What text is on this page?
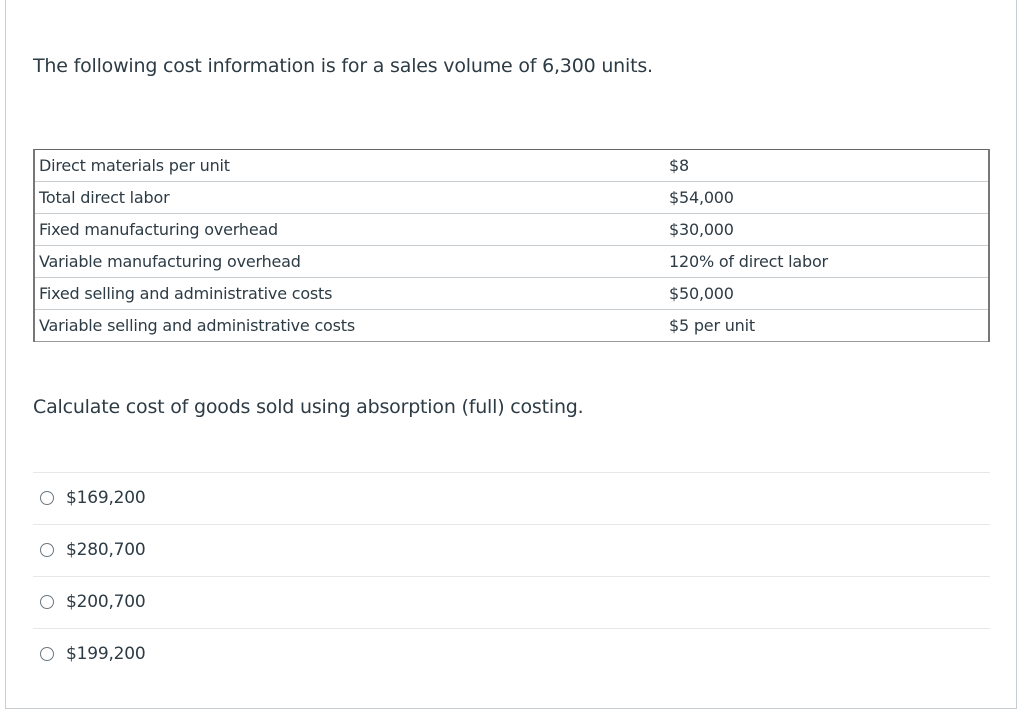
The following cost information is for a sales volume of 6,300 units.
Direct materials per unit	$8
Total direct labor	$54,000
Fixed manufacturing overhead	$30,000
Variable manufacturing overhead	120% of direct labor
Fixed selling and administrative costs	$50,000
Variable selling and administrative costs	$5 per unit
Calculate cost of goods sold using absorption (full) costing.
$169,200
$280,700
$200,700
$199,200
